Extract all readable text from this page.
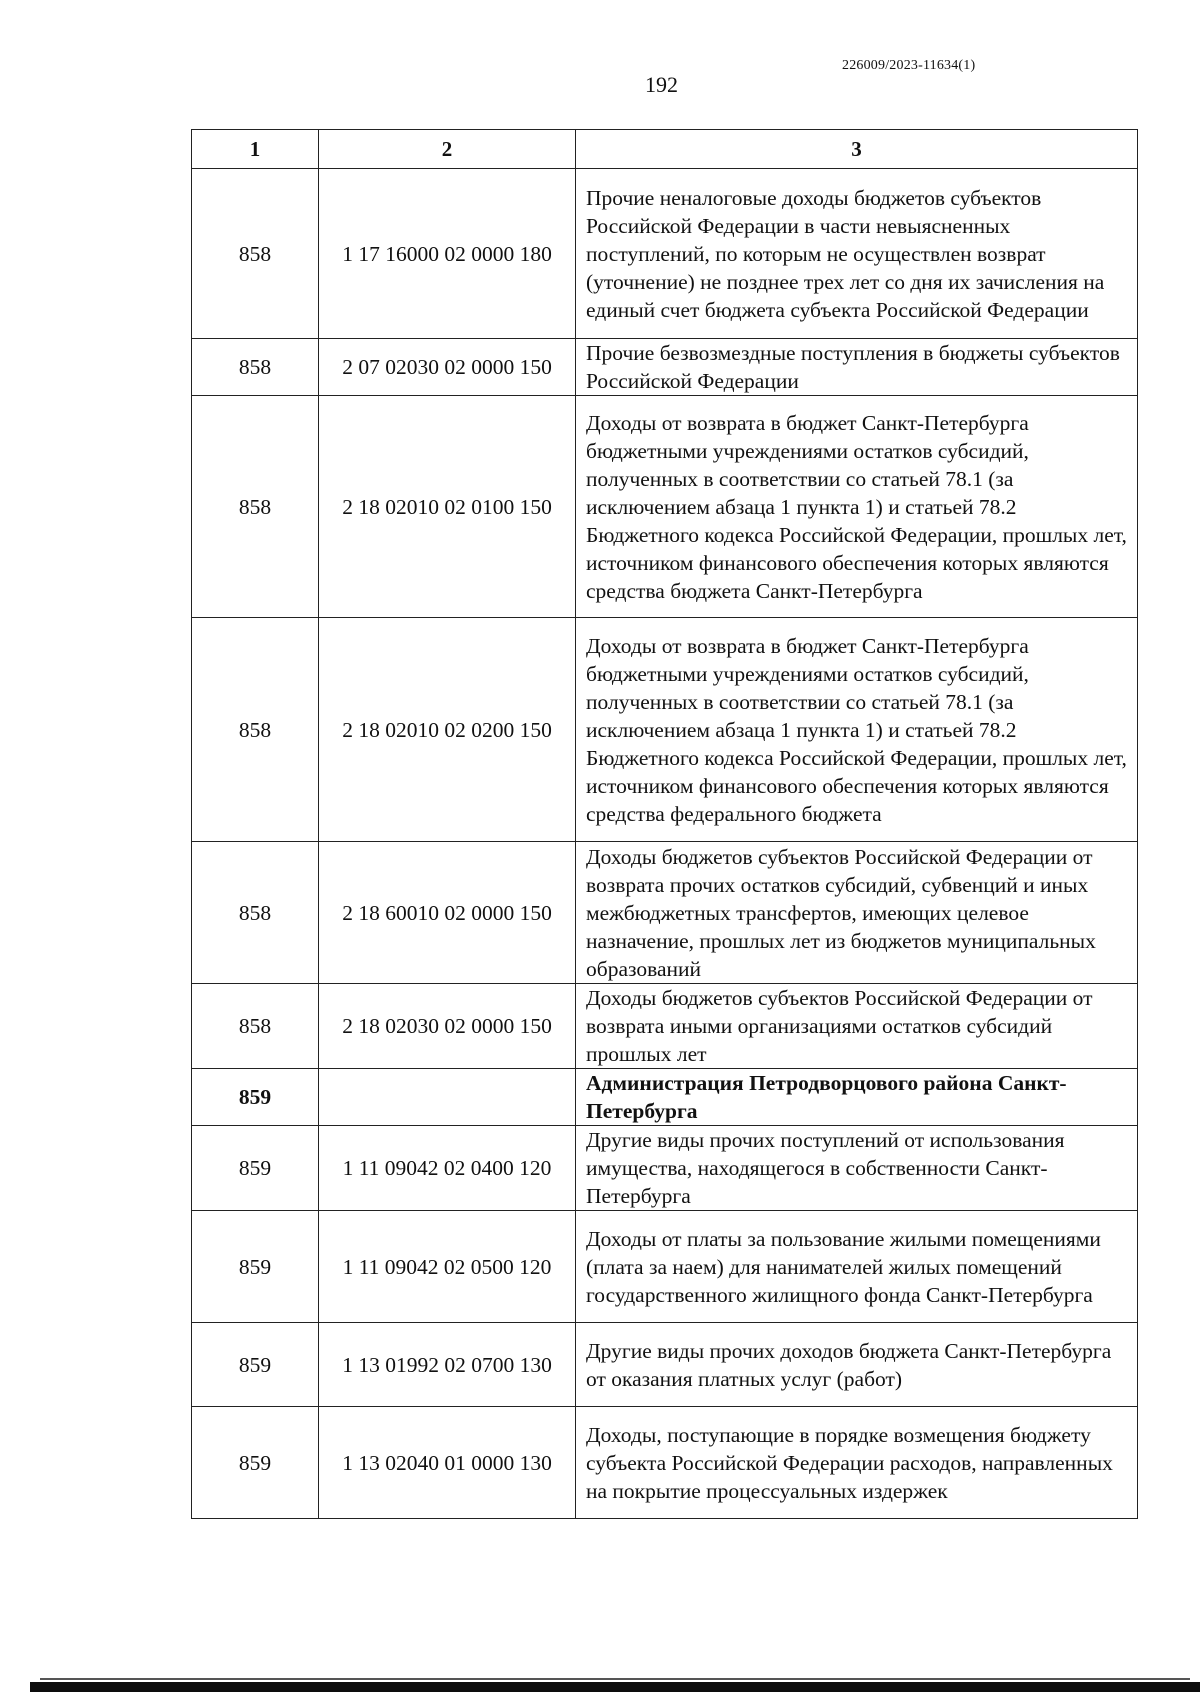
226009/2023-11634(1)
192
1	2	3
858	1 17 16000 02 0000 180	Прочие неналоговые доходы бюджетов субъектов Российской Федерации в части невыясненных поступлений, по которым не осуществлен возврат (уточнение) не позднее трех лет со дня их зачисления на единый счет бюджета субъекта Российской Федерации
858	2 07 02030 02 0000 150	Прочие безвозмездные поступления в бюджеты субъектов Российской Федерации
858	2 18 02010 02 0100 150	Доходы от возврата в бюджет Санкт-Петербурга бюджетными учреждениями остатков субсидий, полученных в соответствии со статьей 78.1 (за исключением абзаца 1 пункта 1) и статьей 78.2 Бюджетного кодекса Российской Федерации, прошлых лет, источником финансового обеспечения которых являются средства бюджета Санкт-Петербурга
858	2 18 02010 02 0200 150	Доходы от возврата в бюджет Санкт-Петербурга бюджетными учреждениями остатков субсидий, полученных в соответствии со статьей 78.1 (за исключением абзаца 1 пункта 1) и статьей 78.2 Бюджетного кодекса Российской Федерации, прошлых лет, источником финансового обеспечения которых являются средства федерального бюджета
858	2 18 60010 02 0000 150	Доходы бюджетов субъектов Российской Федерации от возврата прочих остатков субсидий, субвенций и иных межбюджетных трансфертов, имеющих целевое назначение, прошлых лет из бюджетов муниципальных образований
858	2 18 02030 02 0000 150	Доходы бюджетов субъектов Российской Федерации от возврата иными организациями остатков субсидий прошлых лет
859		Администрация Петродворцового района Санкт-Петербурга
859	1 11 09042 02 0400 120	Другие виды прочих поступлений от использования имущества, находящегося в собственности Санкт-Петербурга
859	1 11 09042 02 0500 120	Доходы от платы за пользование жилыми помещениями (плата за наем) для нанимателей жилых помещений государственного жилищного фонда Санкт-Петербурга
859	1 13 01992 02 0700 130	Другие виды прочих доходов бюджета Санкт-Петербурга от оказания платных услуг (работ)
859	1 13 02040 01 0000 130	Доходы, поступающие в порядке возмещения бюджету субъекта Российской Федерации расходов, направленных на покрытие процессуальных издержек
